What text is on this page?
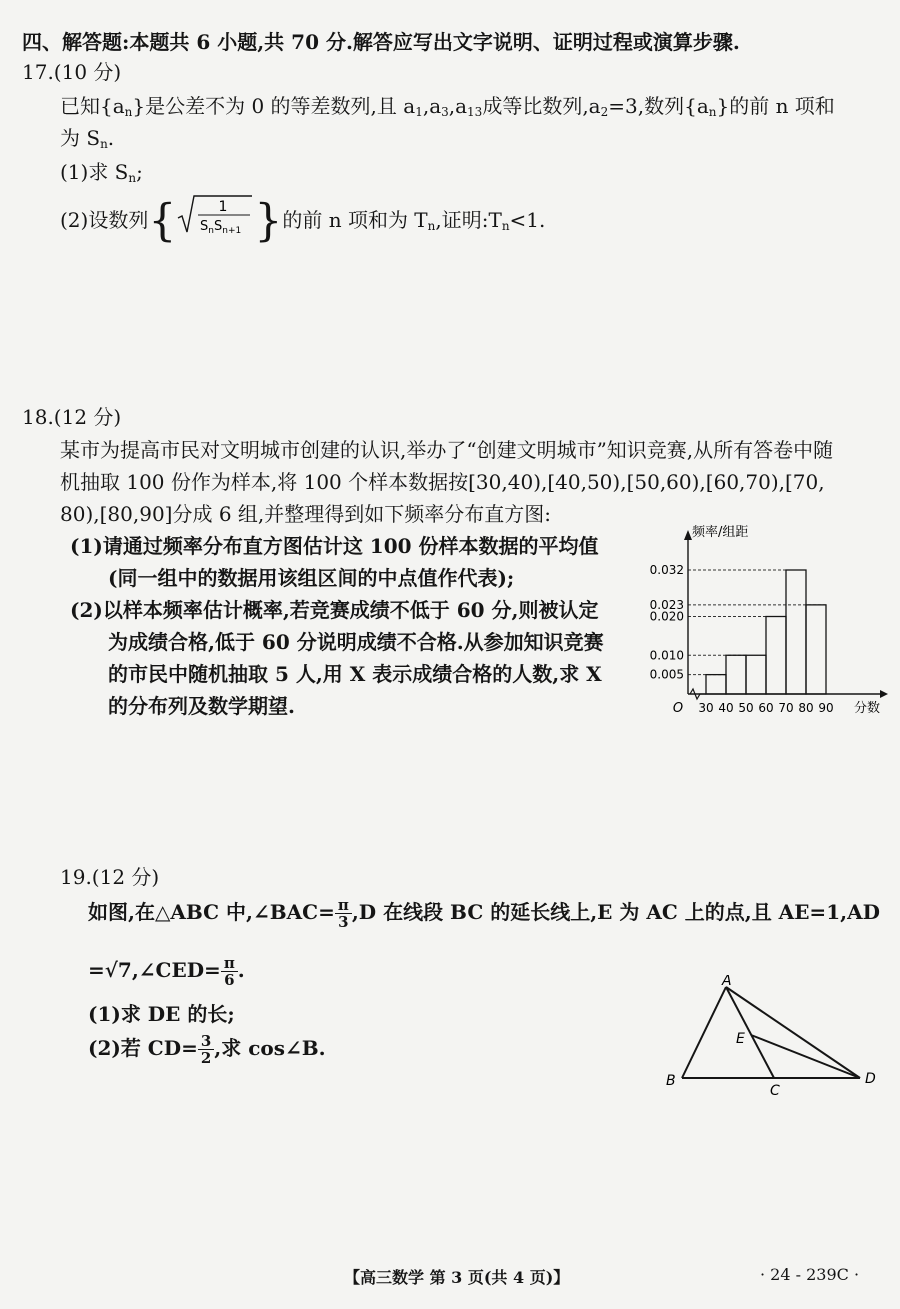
四、解答题:本题共 6 小题,共 70 分.解答应写出文字说明、证明过程或演算步骤.
17.(10 分)
已知$\{a_n\}$是公差不为 0 的等差数列,且 $a_1,a_3,a_{13}$成等比数列$,a_2=3$,数列$\{a_n\}$的前 n 项和
为 $S_n$.
(1)求 $S_n$;
(2)设数列{	1
$S_nS_{n+1}$ }的前 n 项和为 $T_n$,证明$:T_n<1$.
18.(12 分)
某市为提高市民对文明城市创建的认识,举办了“创建文明城市”知识竞赛,从所有答卷中随
机抽取 100 份作为样本,将 100 个样本数据按[30,40),[40,50),[50,60),[60,70),[70,
80),[80,90]分成 6 组,并整理得到如下频率分布直方图:
(1)请通过频率分布直方图估计这 100 份样本数据的平均值
(同一组中的数据用该组区间的中点值作代表);
(2)以样本频率估计概率,若竞赛成绩不低于 60 分,则被认定
为成绩合格,低于 60 分说明成绩不合格.从参加知识竞赛
的市民中随机抽取 5 人,用 X 表示成绩合格的人数,求 X
的分布列及数学期望.
0.005
0.010
0.020
0.023
0.032
30 40 50 60 70 80 90
O
频率/组距
分数
19.(12 分)
如图,在△ABC 中,∠BAC= $\frac{\pi}{3} ,D$ 在线段 BC 的延长线上,E 为 AC 上的点,且 AE=1,AD
=√7,∠CED= $\frac{\pi}{6}$ .
(1)求 DE 的长;
(2)若 $CD= \frac{3}{2}$ ,求 cos∠B.
A
B
C
D
E
【高三数学 第 3 页(共 4 页)】	· 24 - 239C ·
